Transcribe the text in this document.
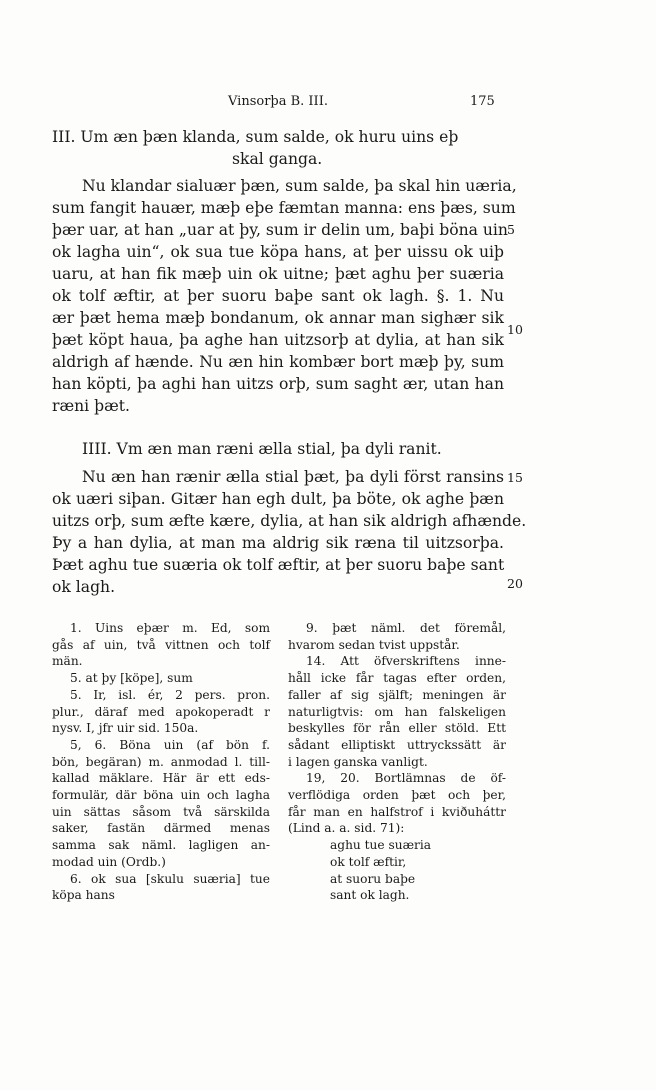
Vinsorþa B. III.	175
III. Um æn þæn klanda, sum salde, ok huru uins eþ
skal ganga.
Nu klandar sialuær þæn, sum salde, þa skal hin uæria,
sum fangit hauær, mæþ eþe fæmtan manna: ens þæs, sum
þær uar, at han „uar at þy, sum ir delin um, baþi böna uin
ok lagha uin“, ok sua tue köpa hans, at þer uissu ok uiþ
uaru, at han fik mæþ uin ok uitne; þæt aghu þer suæria
ok tolf æftir, at þer suoru baþe sant ok lagh. §. 1. Nu
ær þæt hema mæþ bondanum, ok annar man sighær sik
þæt köpt haua, þa aghe han uitzsorþ at dylia, at han sik
aldrigh af hænde. Nu æn hin kombær bort mæþ þy, sum
han köpti, þa aghi han uitzs orþ, sum saght ær, utan han
ræni þæt.
IIII. Vm æn man ræni ælla stial, þa dyli ranit.
Nu æn han rænir ælla stial þæt, þa dyli först ransins
ok uæri siþan. Gitær han egh dult, þa böte, ok aghe þæn
uitzs orþ, sum æfte kære, dylia, at han sik aldrigh afhænde.
Þy a han dylia, at man ma aldrig sik ræna til uitzsorþa.
Þæt aghu tue suæria ok tolf æftir, at þer suoru baþe sant
ok lagh.
5
10
15
20
1. Uins eþær m. Ed, som
gås af uin, två vittnen och tolf
män.
5. at þy [köpe], sum
5. Ir, isl. ér, 2 pers. pron.
plur., däraf med apokoperadt r
nysv. I, jfr uir sid. 150a.
5, 6. Böna uin (af bön f.
bön, begäran) m. anmodad l. till-
kallad mäklare. Här är ett eds-
formulär, där böna uin och lagha
uin sättas såsom två särskilda
saker, fastän därmed menas
samma sak näml. lagligen an-
modad uin (Ordb.)
6. ok sua [skulu suæria] tue
köpa hans
9. þæt näml. det föremål,
hvarom sedan tvist uppstår.
14. Att öfverskriftens inne-
håll icke får tagas efter orden,
faller af sig själft; meningen är
naturligtvis: om han falskeligen
beskylles för rån eller stöld. Ett
sådant elliptiskt uttryckssätt är
i lagen ganska vanligt.
19, 20. Bortlämnas de öf-
verflödiga orden þæt och þer,
får man en halfstrof i kviðuháttr
(Lind a. a. sid. 71):
aghu tue suæria
ok tolf æftir,
at suoru baþe
sant ok lagh.
